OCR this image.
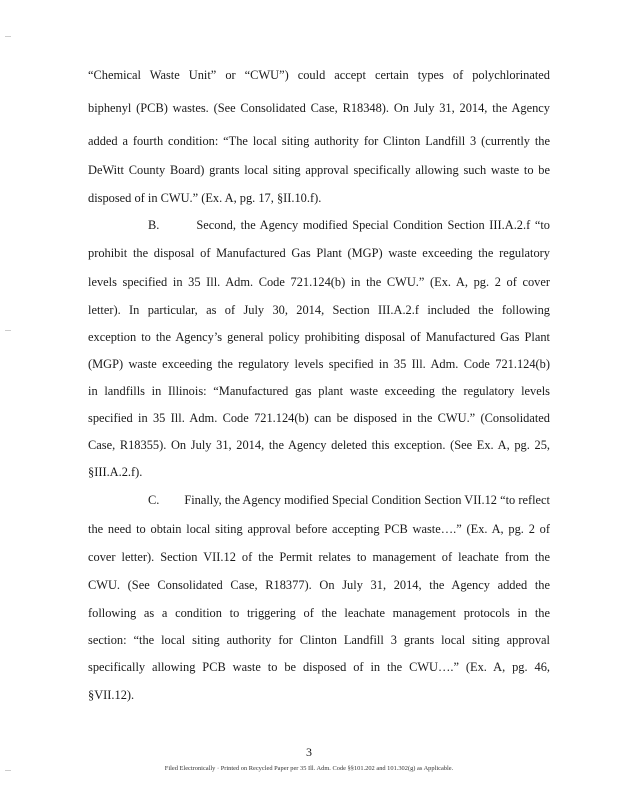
“Chemical Waste Unit” or “CWU”) could accept certain types of polychlorinated
biphenyl (PCB) wastes. (See Consolidated Case, R18348). On July 31, 2014, the Agency
added a fourth condition: “The local siting authority for Clinton Landfill 3 (currently the
DeWitt County Board) grants local siting approval specifically allowing such waste to be
disposed of in CWU.” (Ex. A, pg. 17, §II.10.f).
B.        Second, the Agency modified Special Condition Section III.A.2.f “to
prohibit the disposal of Manufactured Gas Plant (MGP) waste exceeding the regulatory
levels specified in 35 Ill. Adm. Code 721.124(b) in the CWU.” (Ex. A, pg. 2 of cover
letter). In particular, as of July 30, 2014, Section III.A.2.f included the following
exception to the Agency’s general policy prohibiting disposal of Manufactured Gas Plant
(MGP) waste exceeding the regulatory levels specified in 35 Ill. Adm. Code 721.124(b)
in landfills in Illinois: “Manufactured gas plant waste exceeding the regulatory levels
specified in 35 Ill. Adm. Code 721.124(b) can be disposed in the CWU.” (Consolidated
Case, R18355). On July 31, 2014, the Agency deleted this exception. (See Ex. A, pg. 25,
§III.A.2.f).
C.        Finally, the Agency modified Special Condition Section VII.12 “to reflect
the need to obtain local siting approval before accepting PCB waste….” (Ex. A, pg. 2 of
cover letter). Section VII.12 of the Permit relates to management of leachate from the
CWU. (See Consolidated Case, R18377). On July 31, 2014, the Agency added the
following as a condition to triggering of the leachate management protocols in the
section: “the local siting authority for Clinton Landfill 3 grants local siting approval
specifically allowing PCB waste to be disposed of in the CWU….” (Ex. A, pg. 46,
§VII.12).
3
Filed Electronically · Printed on Recycled Paper per 35 Ill. Adm. Code §§101.202 and 101.302(g) as Applicable.
